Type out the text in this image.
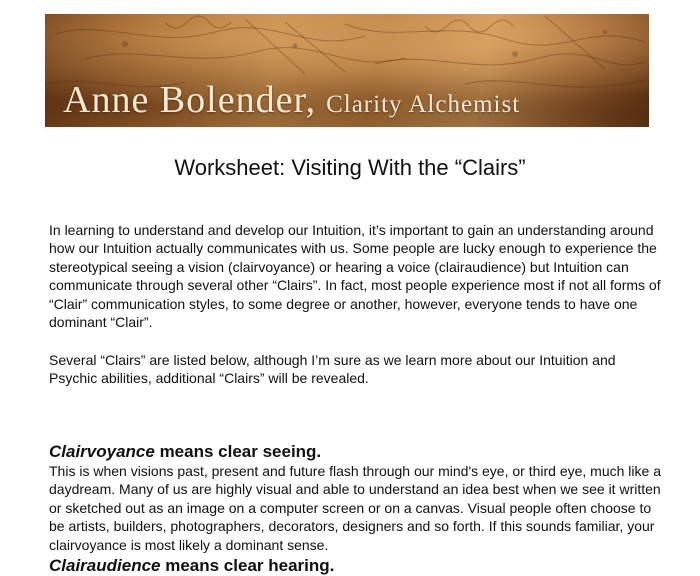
Anne Bolender, Clarity Alchemist
Worksheet: Visiting With the “Clairs”

In learning to understand and develop our Intuition, it’s important to gain an understanding around how our Intuition actually communicates with us. Some people are lucky enough to experience the stereotypical seeing a vision (clairvoyance) or hearing a voice (clairaudience) but Intuition can communicate through several other “Clairs”. In fact, most people experience most if not all forms of “Clair” communication styles, to some degree or another, however, everyone tends to have one dominant “Clair”.

Several “Clairs” are listed below, although I’m sure as we learn more about our Intuition and Psychic abilities, additional “Clairs” will be revealed.

Clairvoyance means clear seeing.

This is when visions past, present and future flash through our mind's eye, or third eye, much like a daydream. Many of us are highly visual and able to understand an idea best when we see it written or sketched out as an image on a computer screen or on a canvas. Visual people often choose to be artists, builders, photographers, decorators, designers and so forth. If this sounds familiar, your clairvoyance is most likely a dominant sense.

Clairaudience means clear hearing.
